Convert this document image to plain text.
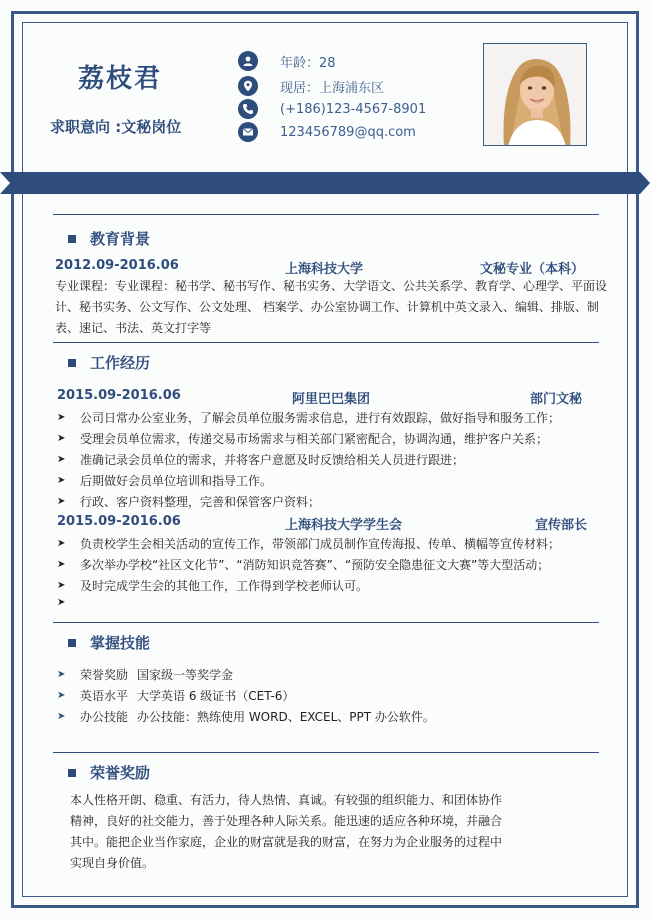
荔枝君
求职意向 :文秘岗位
年龄：28
现居：上海浦东区
(+186)123-4567-8901
123456789@qq.com
教育背景
2012.09-2016.06	上海科技大学	文秘专业（本科）
专业课程：专业课程：秘书学、秘书写作、秘书实务、大学语文、公共关系学、教育学、心理学、平面设计、秘书实务、公文写作、公文处理、 档案学、办公室协调工作、计算机中英文录入、编辑、排版、制表、速记、书法、英文打字等
工作经历
2015.09-2016.06	阿里巴巴集团	部门文秘
➤	公司日常办公室业务，了解会员单位服务需求信息，进行有效跟踪，做好指导和服务工作；
➤	受理会员单位需求，传递交易市场需求与相关部门紧密配合，协调沟通，维护客户关系；
➤	准确记录会员单位的需求，并将客户意愿及时反馈给相关人员进行跟进；
➤	后期做好会员单位培训和指导工作。
➤	行政、客户资料整理，完善和保管客户资料；
2015.09-2016.06	上海科技大学学生会	宣传部长
➤	负责校学生会相关活动的宣传工作，带领部门成员制作宣传海报、传单、横幅等宣传材料；
➤	多次举办学校“社区文化节”、“消防知识竞答赛”、“预防安全隐患征文大赛”等大型活动；
➤	及时完成学生会的其他工作，工作得到学校老师认可。
➤
掌握技能
➤	荣誉奖励 国家级一等奖学金
➤	英语水平 大学英语 6 级证书（CET-6）
➤	办公技能 办公技能：熟练使用 WORD、EXCEL、PPT 办公软件。
荣誉奖励
本人性格开朗、稳重、有活力，待人热情、真诚。有较强的组织能力、和团体协作精神，良好的社交能力，善于处理各种人际关系。能迅速的适应各种环境，并融合其中。能把企业当作家庭，企业的财富就是我的财富，在努力为企业服务的过程中实现自身价值。
